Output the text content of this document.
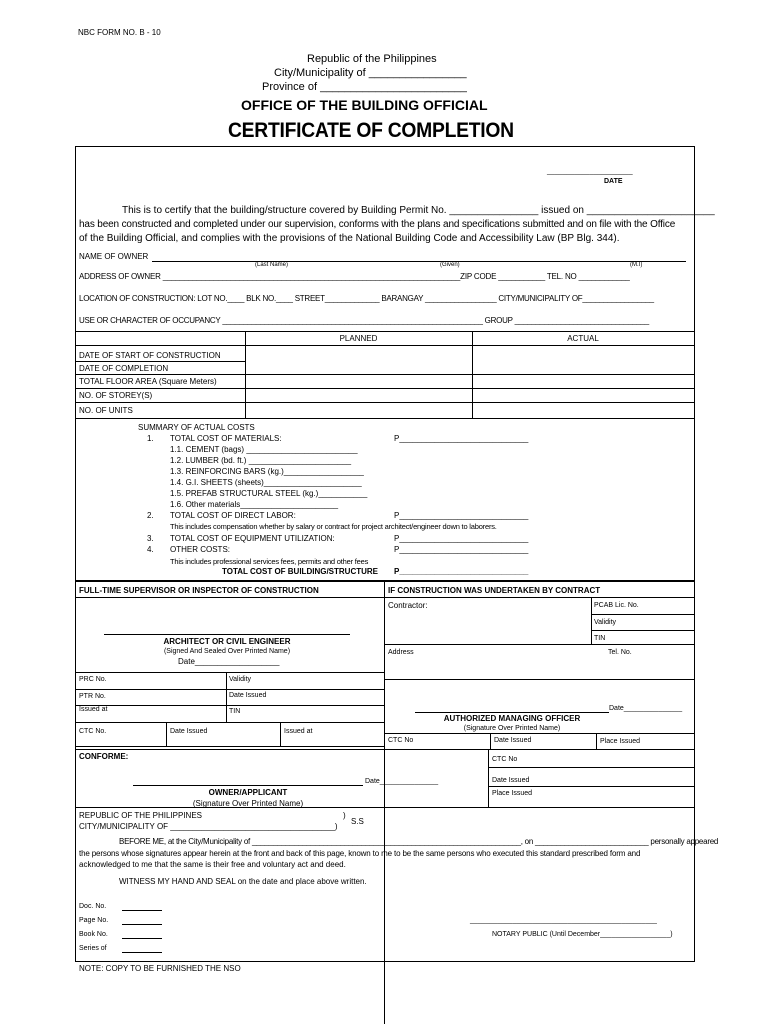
NBC FORM NO. B - 10
Republic of the Philippines
City/Municipality of ________________
Province of ________________________
OFFICE OF THE BUILDING OFFICIAL
CERTIFICATE OF COMPLETION
______________________
DATE
This is to certify that the building/structure covered by Building Permit No. ________________ issued on _______________________
has been constructed and completed under our supervision, conforms with the plans and specifications submitted and on file with the Office
of the Building Official, and complies with the provisions of the National Building Code and Accessibility Law (BP Blg. 344).
NAME OF OWNER
(Last Name)	(Given)	(M.I)
ADDRESS OF OWNER ______________________________________________________________________ZIP CODE ___________ TEL. NO ____________
LOCATION OF CONSTRUCTION: LOT NO.____ BLK NO.____ STREET_____________ BARANGAY _________________ CITY/MUNICIPALITY OF_________________
USE OR CHARACTER OF OCCUPANCY ______________________________________________________________ GROUP ________________________________
PLANNED	ACTUAL
DATE OF START OF CONSTRUCTION
DATE OF COMPLETION
TOTAL FLOOR AREA (Square Meters)
NO. OF STOREY(S)
NO. OF UNITS
SUMMARY OF ACTUAL COSTS
1. TOTAL COST OF MATERIALS:	P_____________________________
1.1. CEMENT (bags) _________________________
1.2. LUMBER (bd. ft.) _______________________
1.3. REINFORCING BARS (kg.)__________________
1.4. G.I. SHEETS (sheets)______________________
1.5. PREFAB STRUCTURAL STEEL (kg.)___________
1.6. Other materials______________________
2. TOTAL COST OF DIRECT LABOR:	P_____________________________
This includes compensation whether by salary or contract for project architect/engineer down to laborers.
3. TOTAL COST OF EQUIPMENT UTILIZATION:	P_____________________________
4. OTHER COSTS:	P_____________________________
This includes professional services fees, permits and other fees
TOTAL COST OF BUILDING/STRUCTURE P_____________________________
FULL-TIME SUPERVISOR OR INSPECTOR OF CONSTRUCTION	IF CONSTRUCTION WAS UNDERTAKEN BY CONTRACT
ARCHITECT OR CIVIL ENGINEER
(Signed And Sealed Over Printed Name)
Date___________________
PRC No.	Validity
PTR No.	Date Issued
Issued at	TIN
CTC No.	Date Issued	Issued at
Contractor:	PCAB Lic. No.
Validity
TIN
Address	Tel. No.
Date_______________
AUTHORIZED MANAGING OFFICER
(Signature Over Printed Name)
CTC No	Date Issued	Place Issued
CONFORME:
Date_______________
OWNER/APPLICANT
(Signature Over Printed Name)
CTC No
Date Issued
Place Issued
REPUBLIC OF THE PHILIPPINES	)
S.S
CITY/MUNICIPALITY OF _____________________________________)
BEFORE ME, at the City/Municipality of ________________________________________________________________, on ___________________________ personally appeared
the persons whose signatures appear herein at the front and back of this page, known to me to be the same persons who executed this standard prescribed form and
acknowledged to me that the same is their free and voluntary act and deed.
WITNESS MY HAND AND SEAL on the date and place above written.
Doc. No.
Page No.
Book No.
Series of
________________________________________________
NOTARY PUBLIC (Until December__________________)
NOTE: COPY TO BE FURNISHED THE NSO
